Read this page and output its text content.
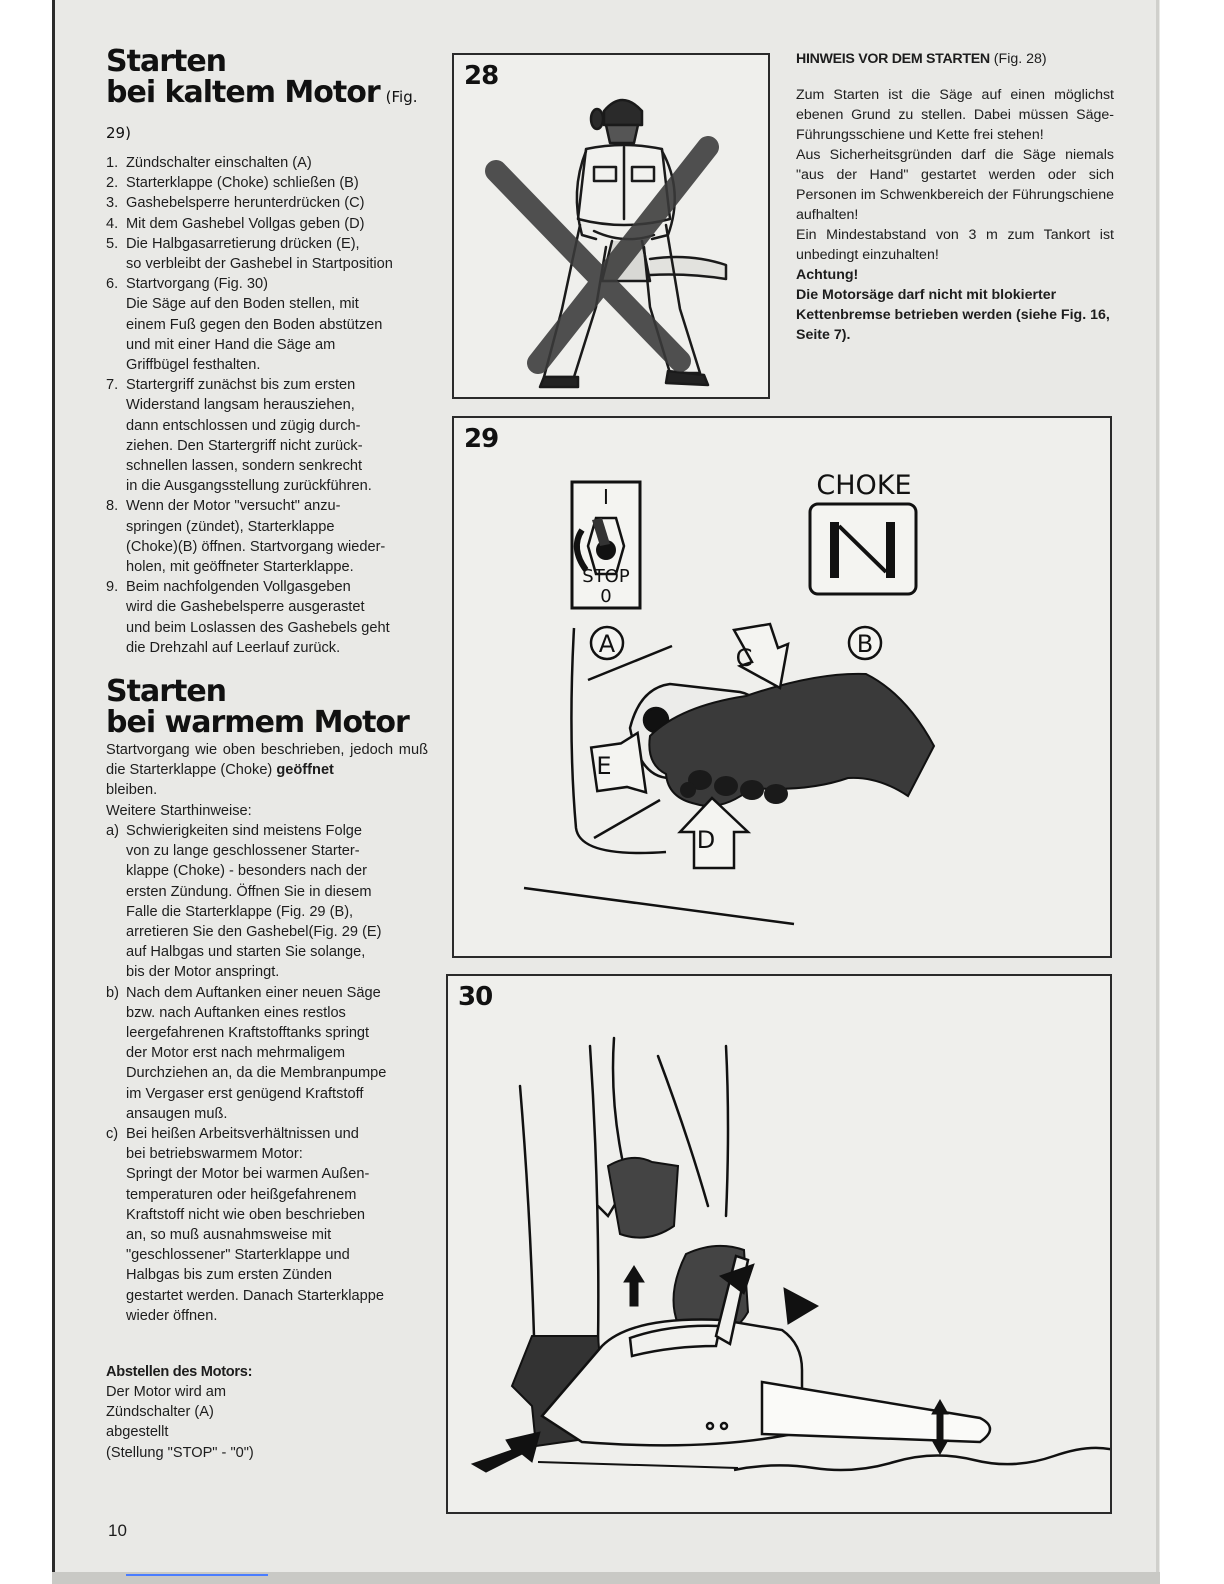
Starten
bei kaltem Motor (Fig. 29)
1. Zündschalter einschalten (A)
2. Starterklappe (Choke) schließen (B)
3. Gashebelsperre herunterdrücken (C)
4. Mit dem Gashebel Vollgas geben (D)
5. Die Halbgasarretierung drücken (E),
so verbleibt der Gashebel in Startposition
6. Startvorgang (Fig. 30)
Die Säge auf den Boden stellen, mit
einem Fuß gegen den Boden abstützen
und mit einer Hand die Säge am
Griffbügel festhalten.
7. Startergriff zunächst bis zum ersten
Widerstand langsam herausziehen,
dann entschlossen und zügig durch-
ziehen. Den Startergriff nicht zurück-
schnellen lassen, sondern senkrecht
in die Ausgangsstellung zurückführen.
8. Wenn der Motor "versucht" anzu-
springen (zündet), Starterklappe
(Choke)(B) öffnen. Startvorgang wieder-
holen, mit geöffneter Starterklappe.
9. Beim nachfolgenden Vollgasgeben
wird die Gashebelsperre ausgerastet
und beim Loslassen des Gashebels geht
die Drehzahl auf Leerlauf zurück.
Starten
bei warmem Motor

Startvorgang wie oben beschrieben, jedoch muß die Starterklappe (Choke) geöffnet
bleiben.

Weitere Starthinweise:

a) Schwierigkeiten sind meistens Folge
von zu lange geschlossener Starter-
klappe (Choke) - besonders nach der
ersten Zündung. Öffnen Sie in diesem
Falle die Starterklappe (Fig. 29 (B),
arretieren Sie den Gashebel(Fig. 29 (E)
auf Halbgas und starten Sie solange,
bis der Motor anspringt.
b) Nach dem Auftanken einer neuen Säge
bzw. nach Auftanken eines restlos
leergefahrenen Kraftstofftanks springt
der Motor erst nach mehrmaligem
Durchziehen an, da die Membranpumpe
im Vergaser erst genügend Kraftstoff
ansaugen muß.
c) Bei heißen Arbeitsverhältnissen und
bei betriebswarmem Motor:
Springt der Motor bei warmen Außen-
temperaturen oder heißgefahrenem
Kraftstoff nicht wie oben beschrieben
an, so muß ausnahmsweise mit
"geschlossener" Starterklappe und
Halbgas bis zum ersten Zünden
gestartet werden. Danach Starterklappe
wieder öffnen.
Abstellen des Motors:

Der Motor wird am

Zündschalter (A)

abgestellt

(Stellung "STOP" - "0")

28
I
STOP
0
CHOKE
A	B
C
E
D
29
30
HINWEIS VOR DEM STARTEN (Fig. 28)

Zum Starten ist die Säge auf einen möglichst ebenen Grund zu stellen. Dabei müssen Säge-Führungsschiene und Kette frei stehen!

Aus Sicherheitsgründen darf die Säge niemals "aus der Hand" gestartet werden oder sich Personen im Schwenkbereich der Führungschiene aufhalten!

Ein Mindestabstand von 3 m zum Tankort ist unbedingt einzuhalten!

Achtung!

Die Motorsäge darf nicht mit blokierter Kettenbremse betrieben werden (siehe Fig. 16, Seite 7).

10
